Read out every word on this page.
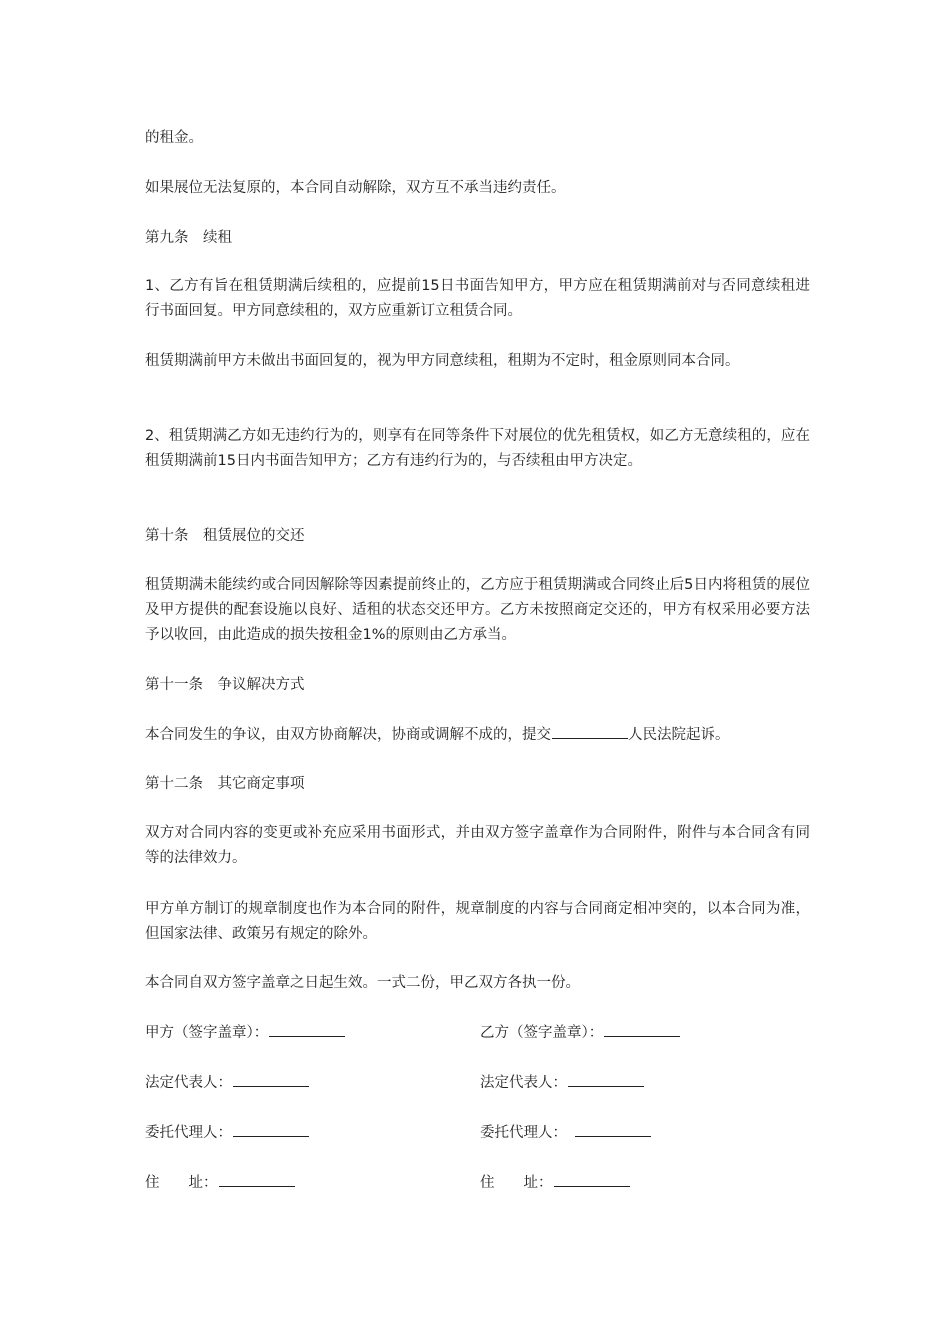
的租金。

如果展位无法复原的，本合同自动解除，双方互不承当违约责任。

第九条　续租

1、乙方有旨在租赁期满后续租的，应提前15日书面告知甲方，甲方应在租赁期满前对与否同意续租进行书面回复。甲方同意续租的，双方应重新订立租赁合同。

租赁期满前甲方未做出书面回复的，视为甲方同意续租，租期为不定时，租金原则同本合同。

2、租赁期满乙方如无违约行为的，则享有在同等条件下对展位的优先租赁权，如乙方无意续租的，应在租赁期满前15日内书面告知甲方；乙方有违约行为的，与否续租由甲方决定。

第十条　租赁展位的交还

租赁期满未能续约或合同因解除等因素提前终止的，乙方应于租赁期满或合同终止后5日内将租赁的展位及甲方提供的配套设施以良好、适租的状态交还甲方。乙方未按照商定交还的，甲方有权采用必要方法予以收回，由此造成的损失按租金1%的原则由乙方承当。

第十一条　争议解决方式

本合同发生的争议，由双方协商解决，协商或调解不成的，提交	人民法院起诉。

第十二条　其它商定事项

双方对合同内容的变更或补充应采用书面形式，并由双方签字盖章作为合同附件，附件与本合同含有同等的法律效力。

甲方单方制订的规章制度也作为本合同的附件，规章制度的内容与合同商定相冲突的，以本合同为准，但国家法律、政策另有规定的除外。

本合同自双方签字盖章之日起生效。一式二份，甲乙双方各执一份。

甲方（签字盖章）：

法定代表人：

委托代理人：

住　　址：

乙方（签字盖章）：

法定代表人：

委托代理人：　

住　　址：
